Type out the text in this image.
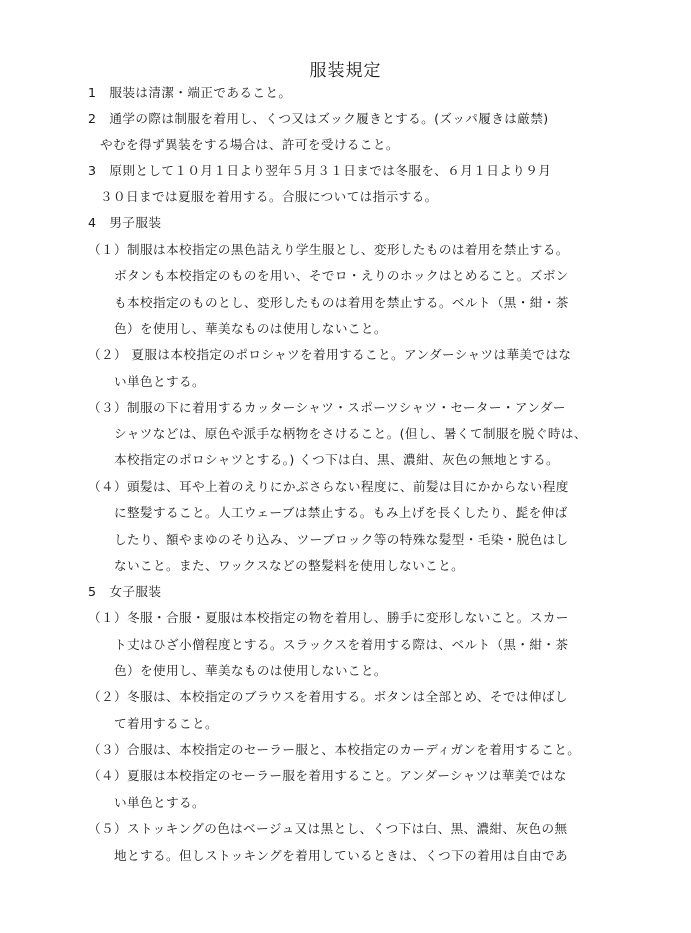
服装規定
1　服装は清潔・端正であること。
2　通学の際は制服を着用し、くつ又はズック履きとする。(ズッパ履きは厳禁)
やむを得ず異装をする場合は、許可を受けること。
3　原則として１０月１日より翌年５月３１日までは冬服を、６月１日より９月
３０日までは夏服を着用する。合服については指示する。
4　男子服装
（１）制服は本校指定の黒色詰えり学生服とし、変形したものは着用を禁止する。
ボタンも本校指定のものを用い、そでロ・えりのホックはとめること。ズボン
も本校指定のものとし、変形したものは着用を禁止する。ベルト（黒・紺・茶
色）を使用し、華美なものは使用しないこと。
（２） 夏服は本校指定のポロシャツを着用すること。アンダーシャツは華美ではな
い単色とする。
（３）制服の下に着用するカッターシャツ・スポーツシャツ・セーター・アンダー
シャツなどは、原色や派手な柄物をさけること。(但し、暑くて制服を脱ぐ時は、
本校指定のポロシャツとする。) くつ下は白、黒、濃紺、灰色の無地とする。
（４）頭髪は、耳や上着のえりにかぶさらない程度に、前髪は目にかからない程度
に整髪すること。人工ウェーブは禁止する。もみ上げを長くしたり、髭を伸ば
したり、額やまゆのそり込み、ツーブロック等の特殊な髪型・毛染・脱色はし
ないこと。また、ワックスなどの整髪料を使用しないこと。
5　女子服装
（１）冬服・合服・夏服は本校指定の物を着用し、勝手に変形しないこと。スカー
ト丈はひざ小僧程度とする。スラックスを着用する際は、ベルト（黒・紺・茶
色）を使用し、華美なものは使用しないこと。
（２）冬服は、本校指定のブラウスを着用する。ボタンは全部とめ、そでは伸ばし
て着用すること。
（３）合服は、本校指定のセーラー服と、本校指定のカーディガンを着用すること。
（４）夏服は本校指定のセーラー服を着用すること。アンダーシャツは華美ではな
い単色とする。
（５）ストッキングの色はベージュ又は黒とし、くつ下は白、黒、濃紺、灰色の無
地とする。但しストッキングを着用しているときは、くつ下の着用は自由であ
